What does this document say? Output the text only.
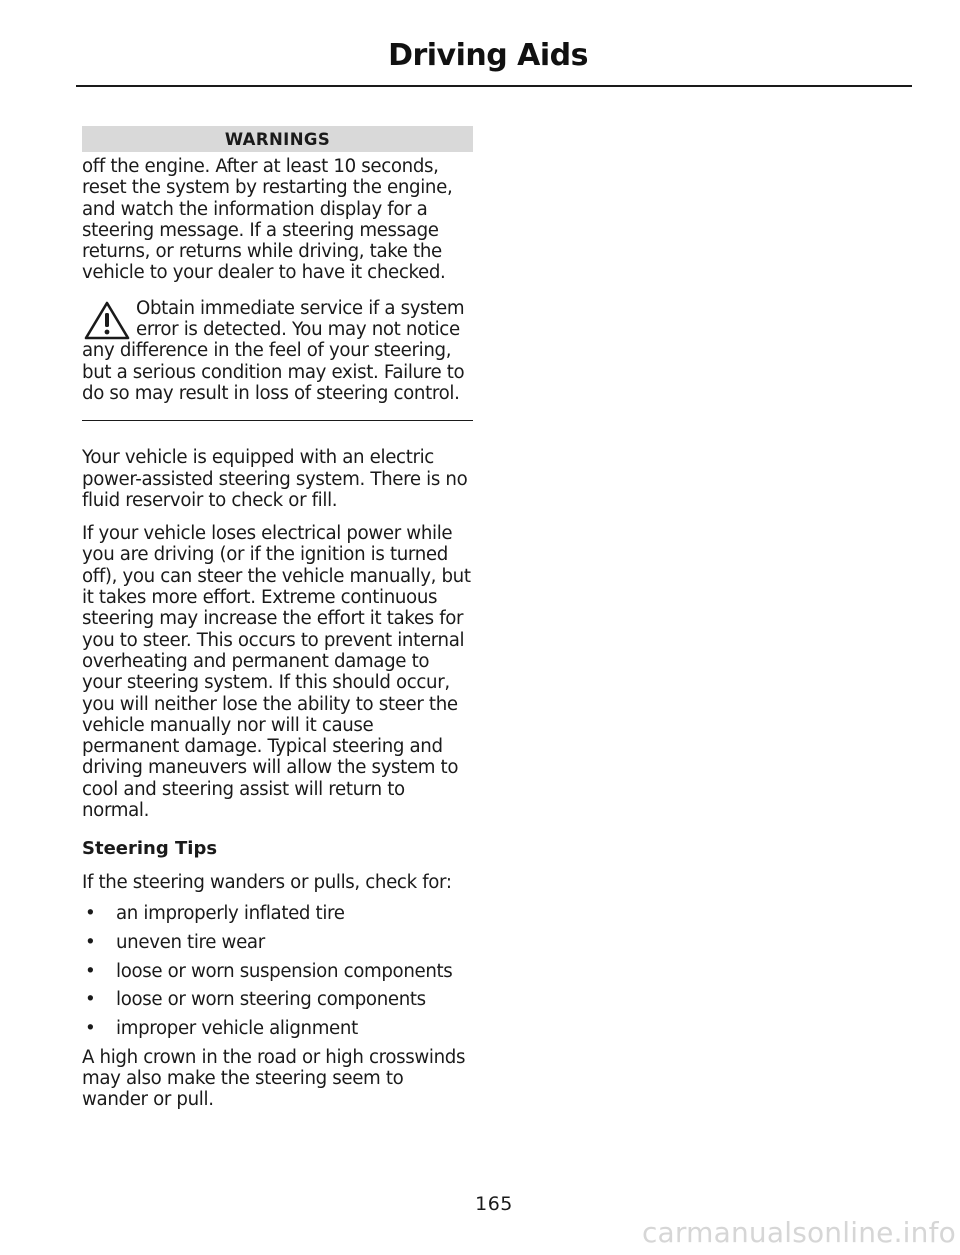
Driving Aids
WARNINGS

off the engine. After at least 10 seconds, reset the system by restarting the engine, and watch the information display for a steering message. If a steering message returns, or returns while driving, take the vehicle to your dealer to have it checked.

Obtain immediate service if a system error is detected. You may not notice any difference in the feel of your steering, but a serious condition may exist. Failure to do so may result in loss of steering control.

Your vehicle is equipped with an electric power-assisted steering system. There is no fluid reservoir to check or fill.

If your vehicle loses electrical power while you are driving (or if the ignition is turned off), you can steer the vehicle manually, but it takes more effort. Extreme continuous steering may increase the effort it takes for you to steer. This occurs to prevent internal overheating and permanent damage to your steering system. If this should occur, you will neither lose the ability to steer the vehicle manually nor will it cause permanent damage. Typical steering and driving maneuvers will allow the system to cool and steering assist will return to normal.

Steering Tips

If the steering wanders or pulls, check for:

• an improperly inflated tire
• uneven tire wear
• loose or worn suspension components
• loose or worn steering components
• improper vehicle alignment

A high crown in the road or high crosswinds may also make the steering seem to wander or pull.

165
carmanualsonline.info
